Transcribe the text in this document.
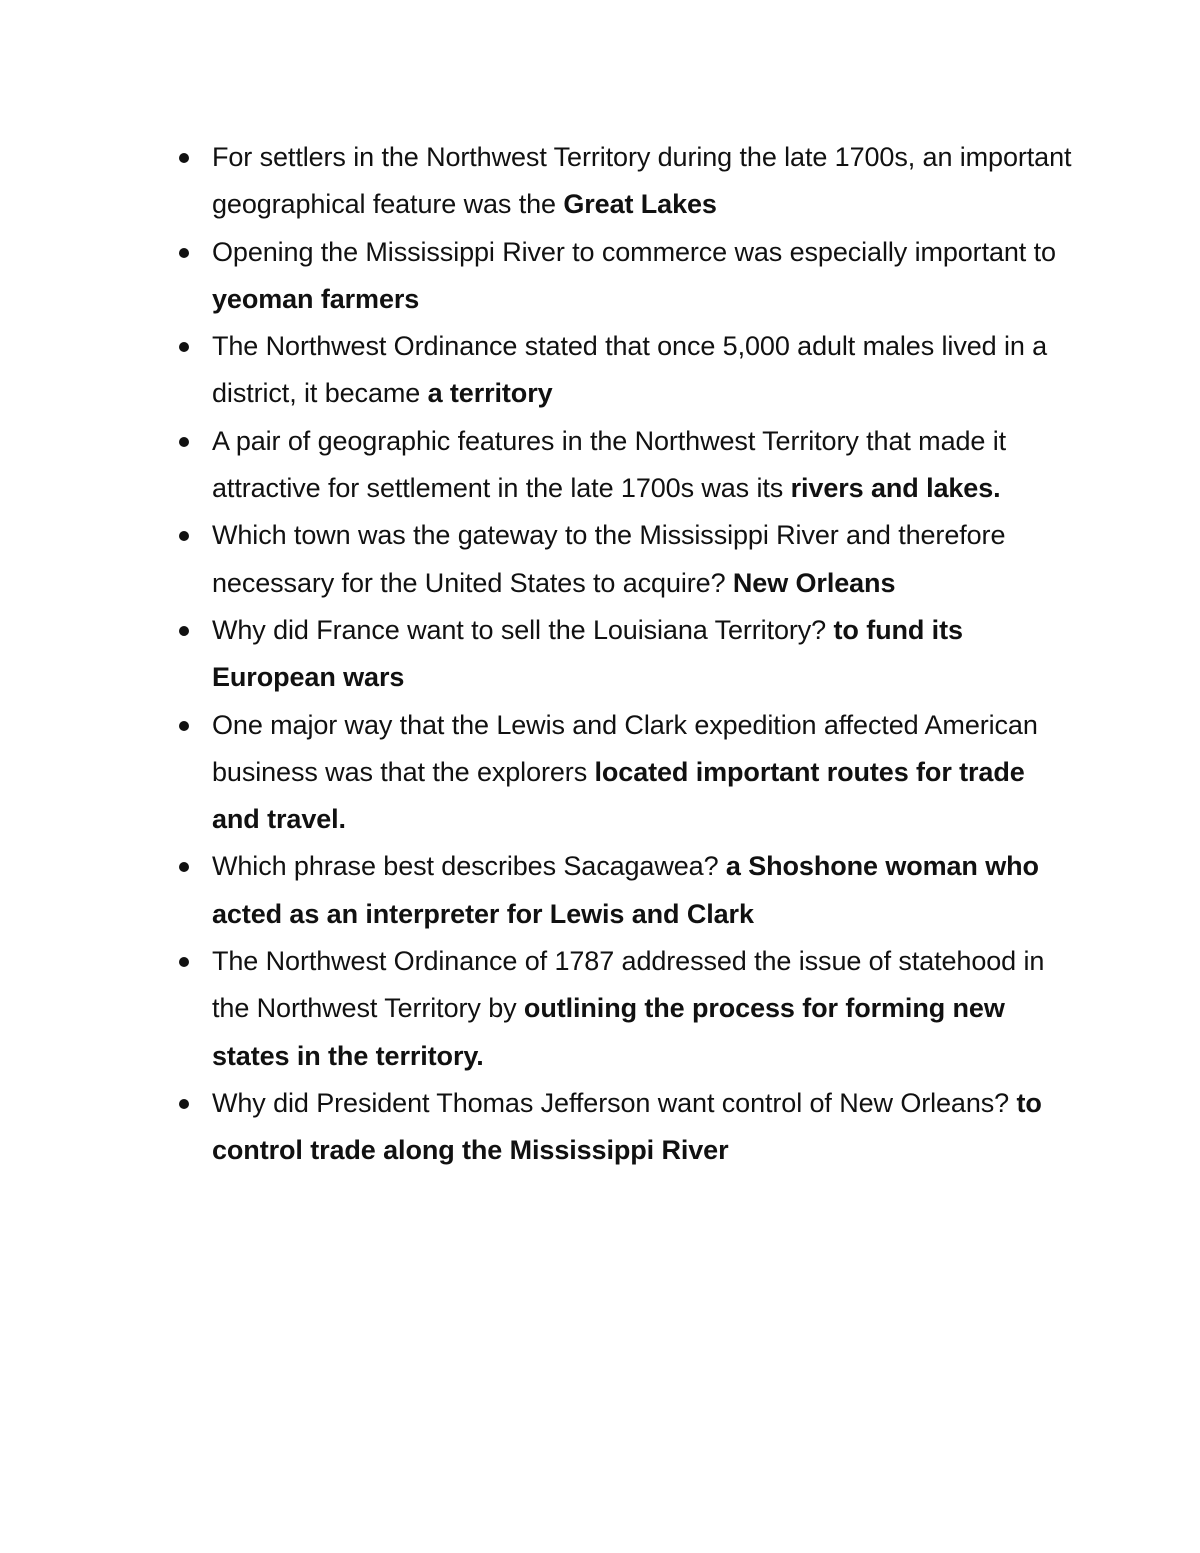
For settlers in the Northwest Territory during the late 1700s, an important geographical feature was the Great Lakes
Opening the Mississippi River to commerce was especially important to yeoman farmers
The Northwest Ordinance stated that once 5,000 adult males lived in a district, it became a territory
A pair of geographic features in the Northwest Territory that made it attractive for settlement in the late 1700s was its rivers and lakes.
Which town was the gateway to the Mississippi River and therefore necessary for the United States to acquire? New Orleans
Why did France want to sell the Louisiana Territory? to fund its European wars
One major way that the Lewis and Clark expedition affected American business was that the explorers located important routes for trade and travel.
Which phrase best describes Sacagawea? a Shoshone woman who acted as an interpreter for Lewis and Clark
The Northwest Ordinance of 1787 addressed the issue of statehood in the Northwest Territory by outlining the process for forming new states in the territory.
Why did President Thomas Jefferson want control of New Orleans? to control trade along the Mississippi River
